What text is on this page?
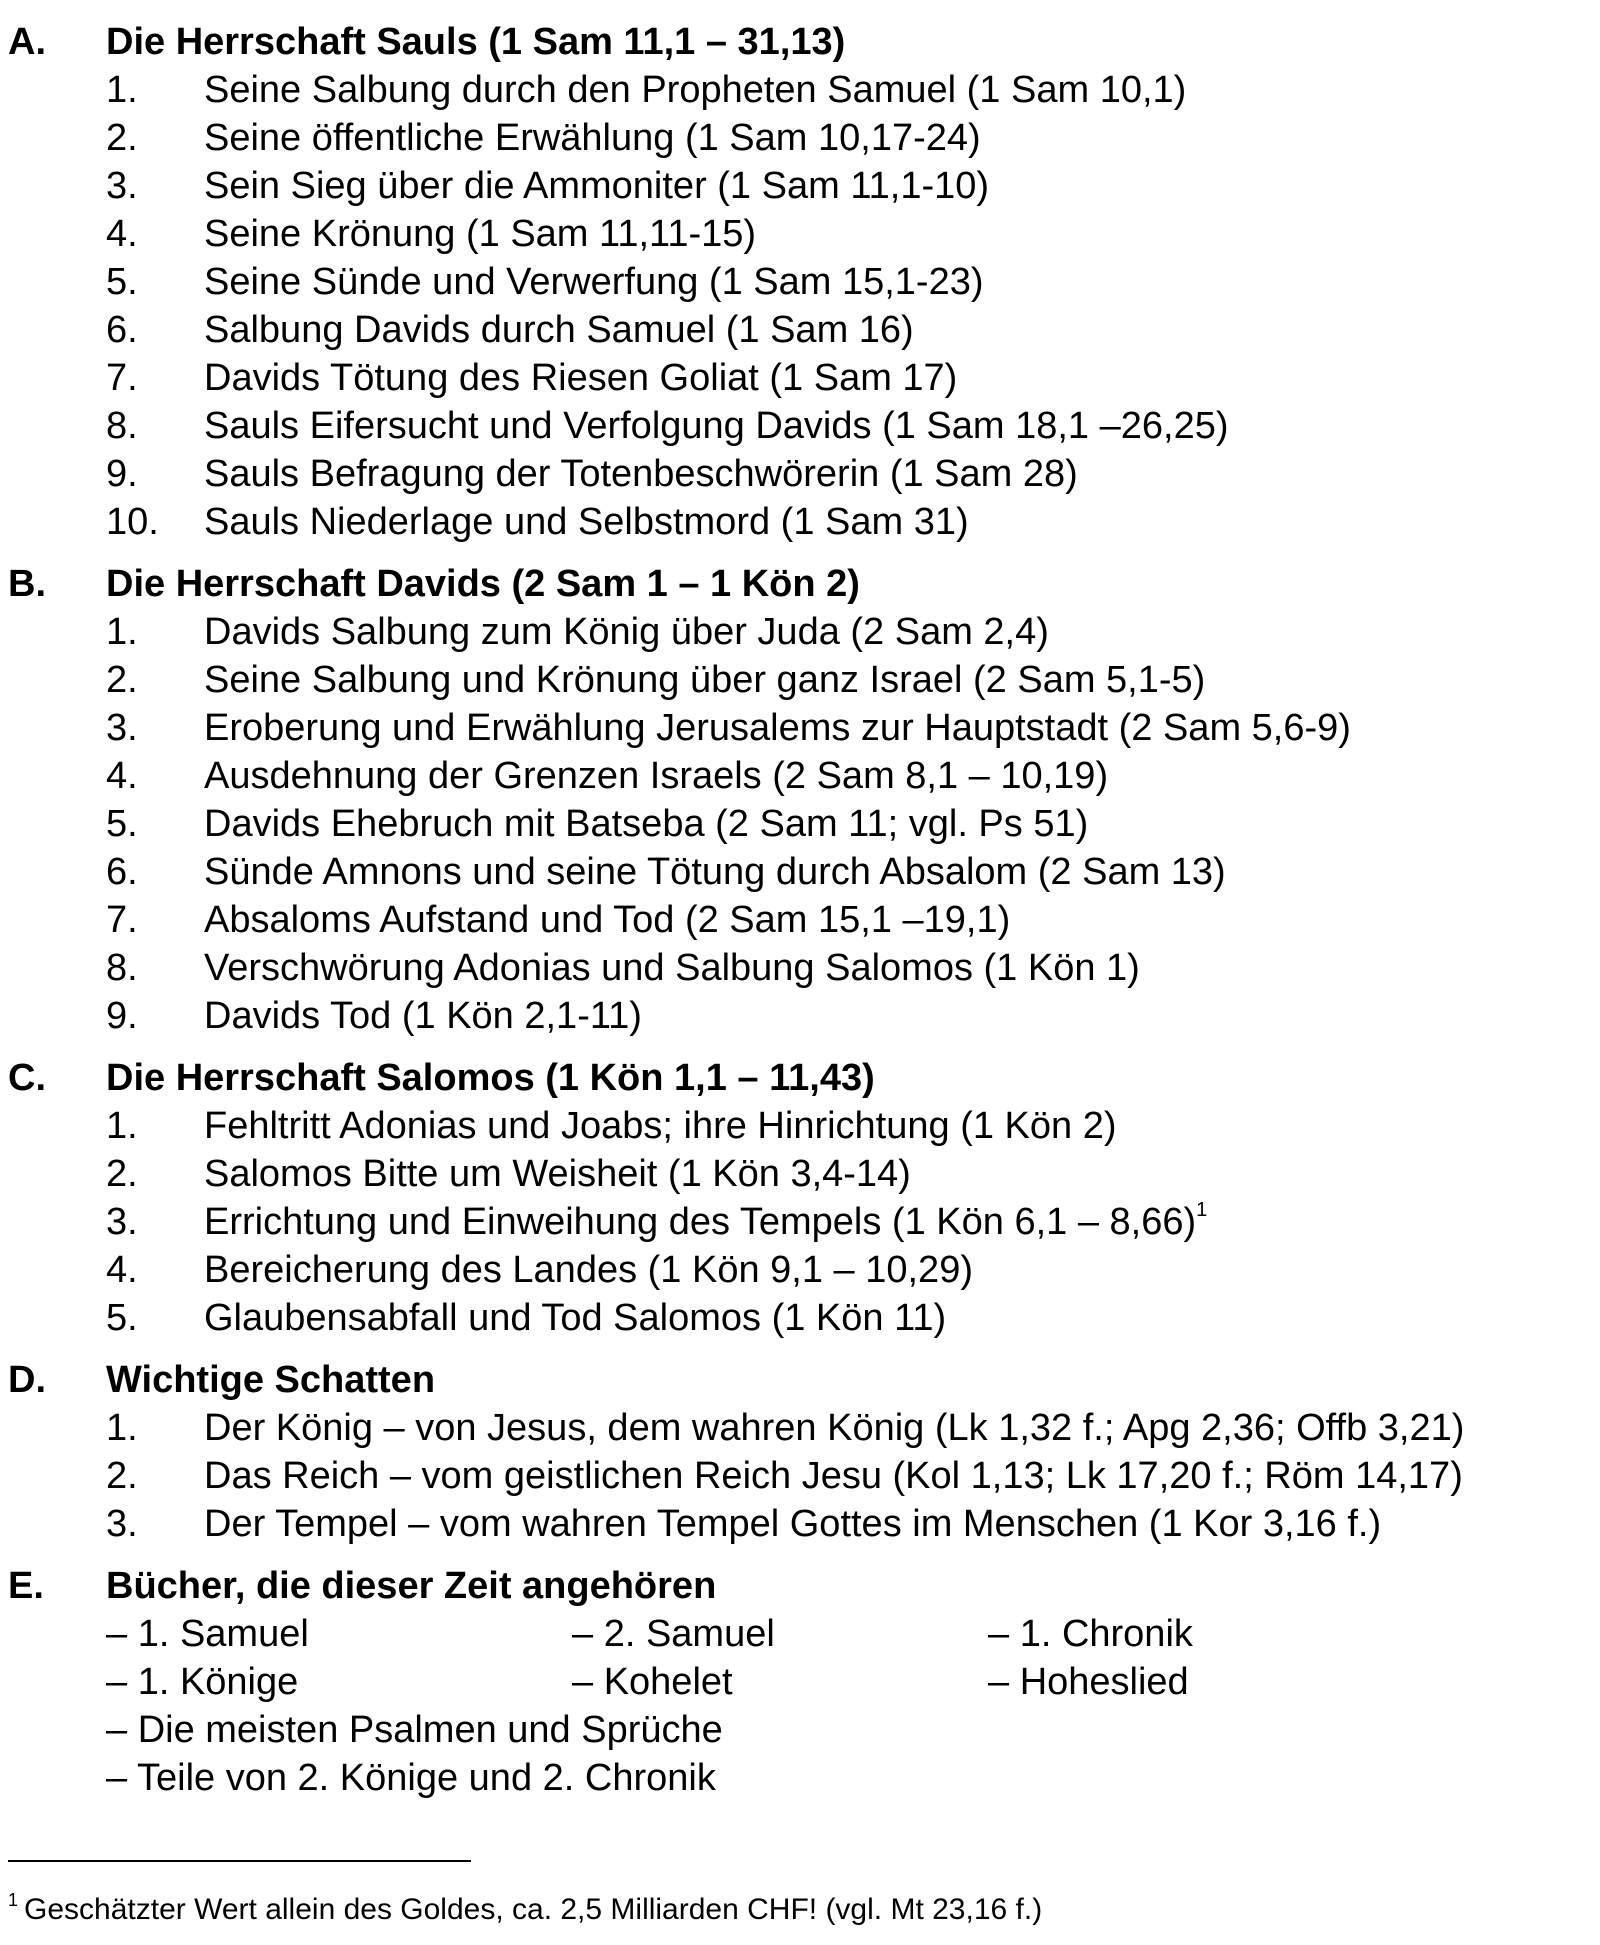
A.	Die Herrschaft Sauls (1 Sam 11,1 – 31,13)
1.	Seine Salbung durch den Propheten Samuel (1 Sam 10,1)
2.	Seine öffentliche Erwählung (1 Sam 10,17-24)
3.	Sein Sieg über die Ammoniter (1 Sam 11,1-10)
4.	Seine Krönung (1 Sam 11,11-15)
5.	Seine Sünde und Verwerfung (1 Sam 15,1-23)
6.	Salbung Davids durch Samuel (1 Sam 16)
7.	Davids Tötung des Riesen Goliat (1 Sam 17)
8.	Sauls Eifersucht und Verfolgung Davids (1 Sam 18,1 –26,25)
9.	Sauls Befragung der Totenbeschwörerin (1 Sam 28)
10.	Sauls Niederlage und Selbstmord (1 Sam 31)
B.	Die Herrschaft Davids (2 Sam 1 – 1 Kön 2)
1.	Davids Salbung zum König über Juda (2 Sam 2,4)
2.	Seine Salbung und Krönung über ganz Israel (2 Sam 5,1-5)
3.	Eroberung und Erwählung Jerusalems zur Hauptstadt (2 Sam 5,6-9)
4.	Ausdehnung der Grenzen Israels (2 Sam 8,1 – 10,19)
5.	Davids Ehebruch mit Batseba (2 Sam 11; vgl. Ps 51)
6.	Sünde Amnons und seine Tötung durch Absalom (2 Sam 13)
7.	Absaloms Aufstand und Tod (2 Sam 15,1 –19,1)
8.	Verschwörung Adonias und Salbung Salomos (1 Kön 1)
9.	Davids Tod (1 Kön 2,1-11)
C.	Die Herrschaft Salomos (1 Kön 1,1 – 11,43)
1.	Fehltritt Adonias und Joabs; ihre Hinrichtung (1 Kön 2)
2.	Salomos Bitte um Weisheit (1 Kön 3,4-14)
3.	Errichtung und Einweihung des Tempels (1 Kön 6,1 – 8,66)$^1$
4.	Bereicherung des Landes (1 Kön 9,1 – 10,29)
5.	Glaubensabfall und Tod Salomos (1 Kön 11)
D.	Wichtige Schatten
1.	Der König – von Jesus, dem wahren König (Lk 1,32 f.; Apg 2,36; Offb 3,21)
2.	Das Reich – vom geistlichen Reich Jesu (Kol 1,13; Lk 17,20 f.; Röm 14,17)
3.	Der Tempel – vom wahren Tempel Gottes im Menschen (1 Kor 3,16 f.)
E.	Bücher, die dieser Zeit angehören
– 1. Samuel	– 2. Samuel	– 1. Chronik
– 1. Könige	– Kohelet	– Hoheslied
– Die meisten Psalmen und Sprüche
– Teile von 2. Könige und 2. Chronik
$^1$ Geschätzter Wert allein des Goldes, ca. 2,5 Milliarden CHF! (vgl. Mt 23,16 f.)
